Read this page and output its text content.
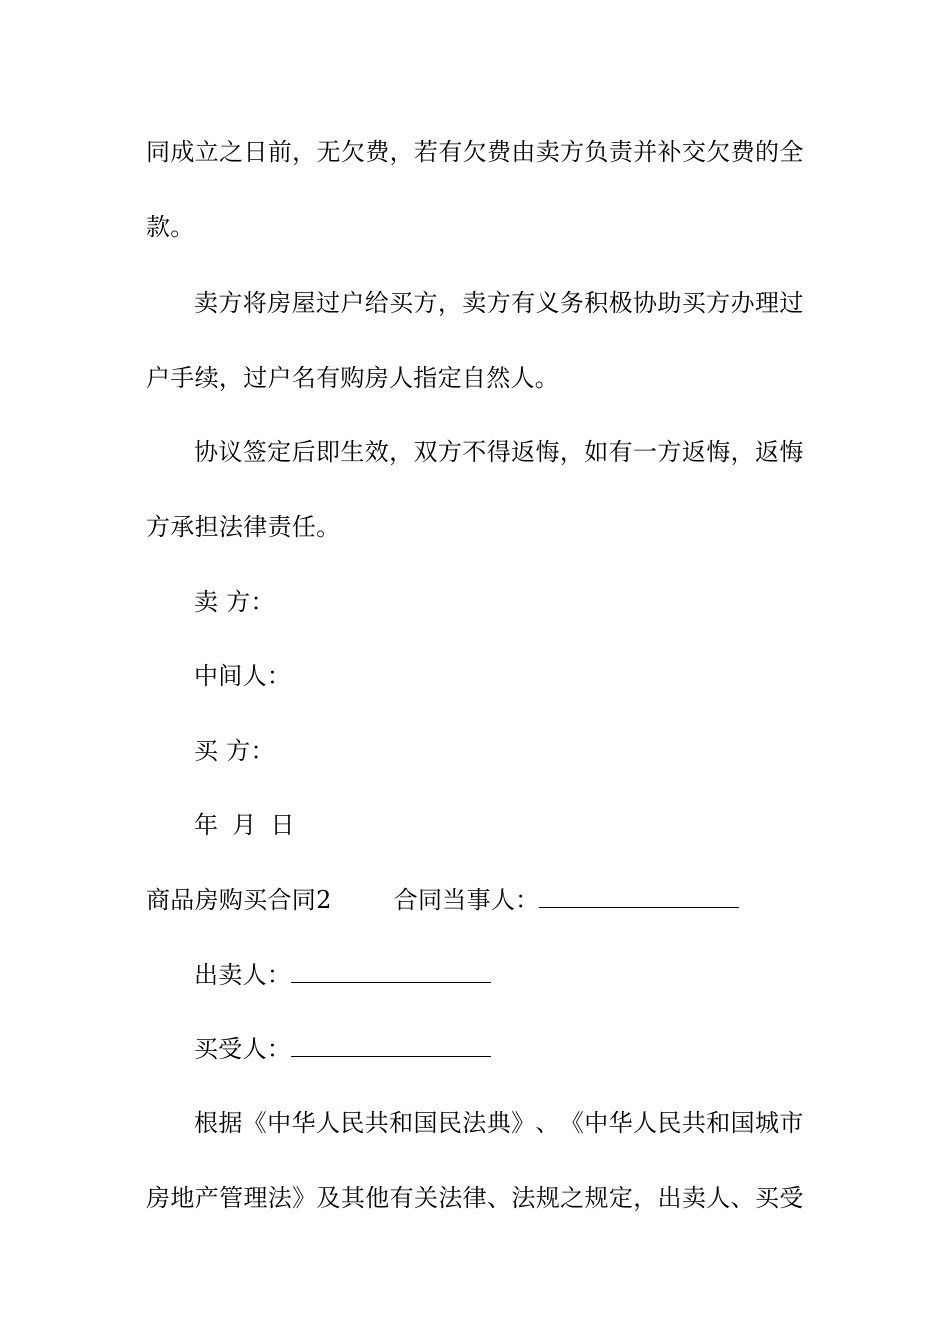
同 成 立 之 日 前 ， 无 欠 费 ， 若 有 欠 费 由 卖 方 负 责 并 补 交 欠 费 的 全
款。
卖 方 将 房 屋 过 户 给 买 方 ， 卖 方 有 义 务 积 极 协 助 买 方 办 理 过
户手续，过户名有购房人指定自然人。
协 议 签 定 后 即 生 效 ， 双 方 不 得 返 悔 ， 如 有 一 方 返 悔 ， 返 悔
方承担法律责任。
卖 方：
中间人：
买 方：
年 月 日
商品房购买合同2	合同当事人：
出卖人：
买受人：
根 据 《 中 华 人 民 共 和 国 民 法 典 》 、 《 中 华 人 民 共 和 国 城 市
房 地 产 管 理 法 》 及 其 他 有 关 法 律 、 法 规 之 规 定 ， 出 卖 人 、 买 受
